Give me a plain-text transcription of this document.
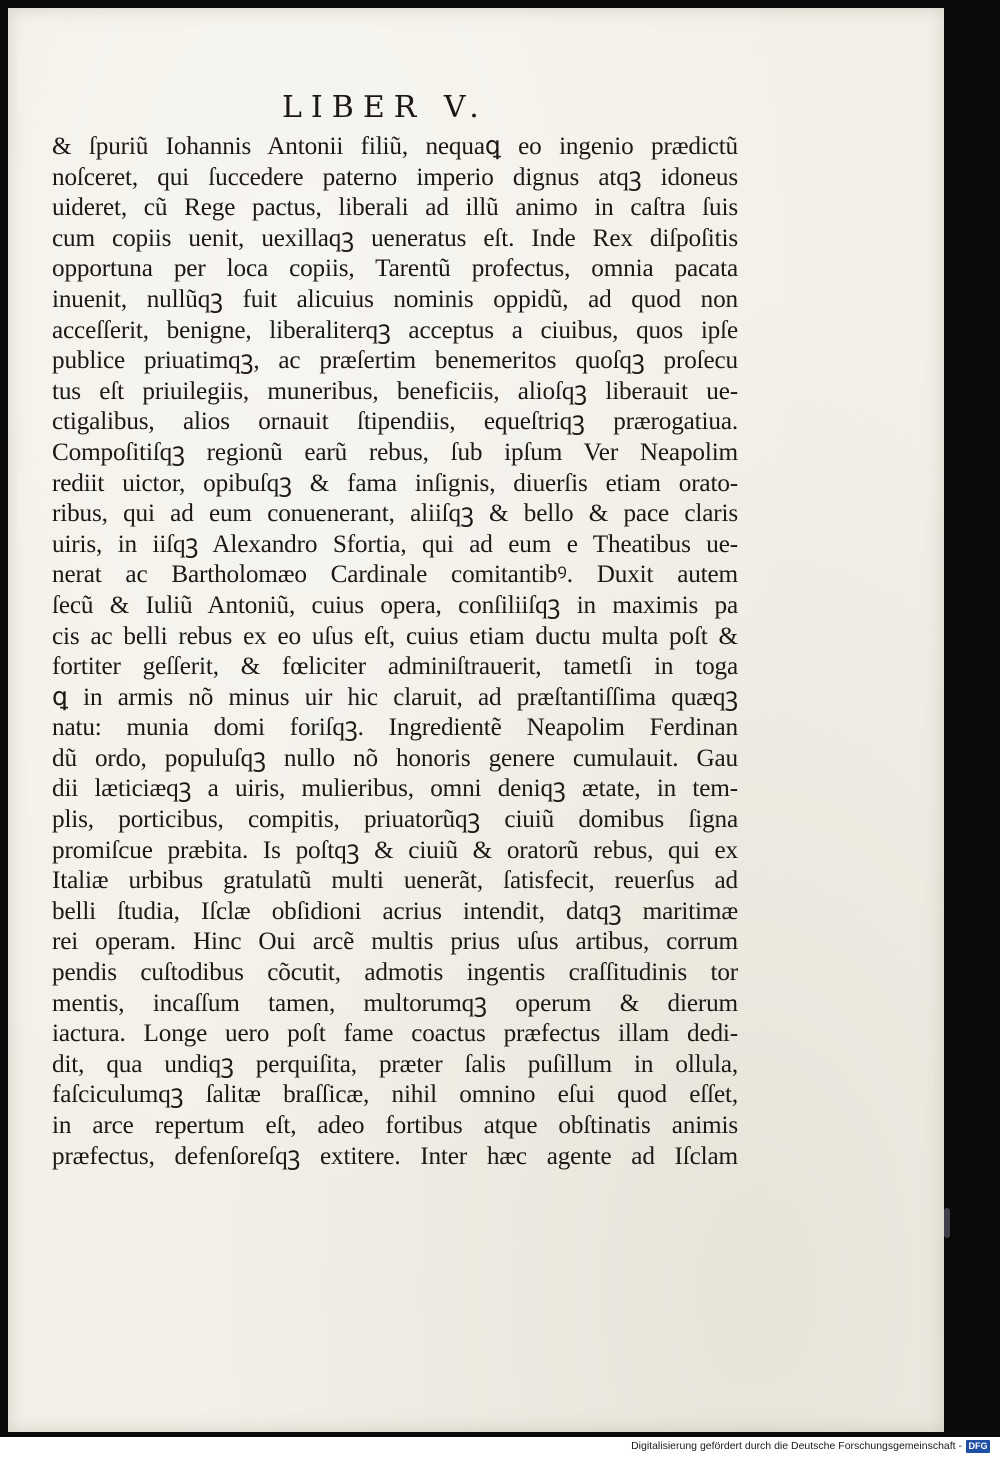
LIBER V.
& ſpuriũ Iohannis Antonii filiũ, nequaꝗ eo ingenio prædictũ
noſceret, qui ſuccedere paterno imperio dignus atqꝫ idoneus
uideret, cũ Rege pactus, liberali ad illũ animo in caſtra ſuis
cum copiis uenit, uexillaqꝫ ueneratus eſt. Inde Rex diſpoſitis
opportuna per loca copiis, Tarentũ profectus, omnia pacata
inuenit, nullũqꝫ fuit alicuius nominis oppidũ, ad quod non
acceſſerit, benigne, liberaliterqꝫ acceptus a ciuibus, quos ipſe
publice priuatimqꝫ, ac præſertim benemeritos quoſqꝫ proſecu
tus eſt priuilegiis, muneribus, beneficiis, alioſqꝫ liberauit ue-
ctigalibus, alios ornauit ſtipendiis, equeſtriqꝫ prærogatiua.
Compoſitiſqꝫ regionũ earũ rebus, ſub ipſum Ver Neapolim
rediit uictor, opibuſqꝫ & fama inſignis, diuerſis etiam orato-
ribus, qui ad eum conuenerant, aliiſqꝫ & bello & pace claris
uiris, in iiſqꝫ Alexandro Sfortia, qui ad eum e Theatibus ue-
nerat ac Bartholomæo Cardinale comitantibꝰ. Duxit autem
ſecũ & Iuliũ Antoniũ, cuius opera, conſiliiſqꝫ in maximis pa
cis ac belli rebus ex eo uſus eſt, cuius etiam ductu multa poſt &
fortiter geſſerit, & fœliciter adminiſtrauerit, tametſi in toga
ꝗ in armis nõ minus uir hic claruit, ad præſtantiſſima quæqꝫ
natu: munia domi foriſqꝫ. Ingredientẽ Neapolim Ferdinan
dũ ordo, populuſqꝫ nullo nõ honoris genere cumulauit. Gau
dii læticiæqꝫ a uiris, mulieribus, omni deniqꝫ ætate, in tem-
plis, porticibus, compitis, priuatorũqꝫ ciuiũ domibus ſigna
promiſcue præbita. Is poſtqꝫ & ciuiũ & oratorũ rebus, qui ex
Italiæ urbibus gratulatũ multi uenerãt, ſatisfecit, reuerſus ad
belli ſtudia, Iſclæ obſidioni acrius intendit, datqꝫ maritimæ
rei operam. Hinc Oui arcẽ multis prius uſus artibus, corrum
pendis cuſtodibus cõcutit, admotis ingentis craſſitudinis tor
mentis, incaſſum tamen, multorumqꝫ operum & dierum
iactura. Longe uero poſt fame coactus præfectus illam dedi-
dit, qua undiqꝫ perquiſita, præter ſalis puſillum in ollula,
faſciculumqꝫ ſalitæ braſſicæ, nihil omnino eſui quod eſſet,
in arce repertum eſt, adeo fortibus atque obſtinatis animis
præfectus, defenſoreſqꝫ extitere. Inter hæc agente ad Iſclam
Digitalisierung gefördert durch die Deutsche Forschungsgemeinschaft - DFG
